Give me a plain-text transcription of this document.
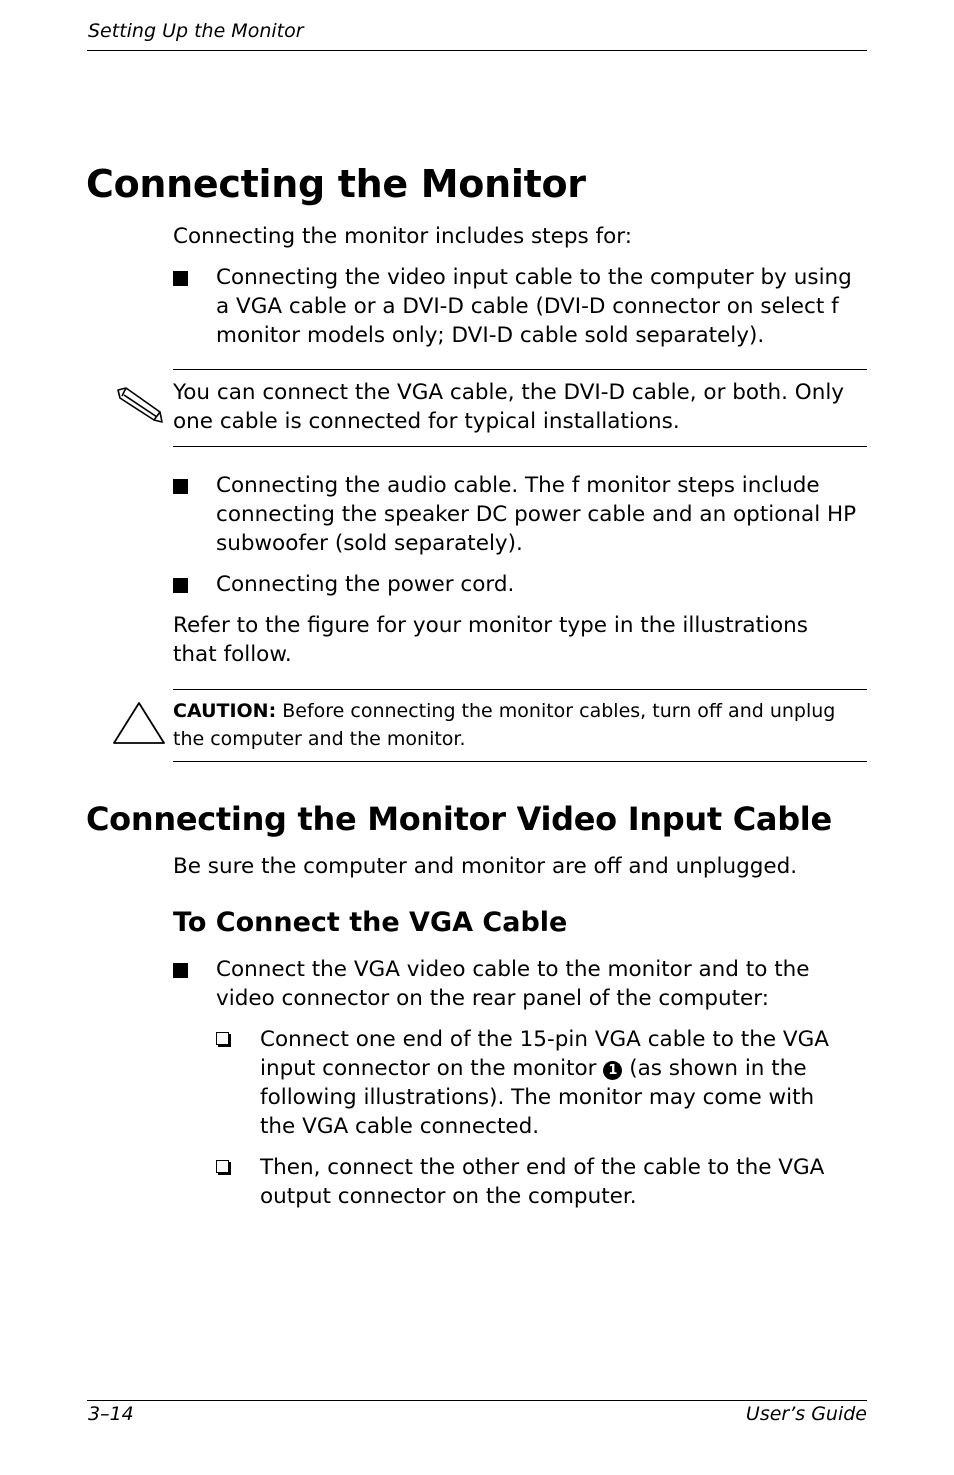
Setting Up the Monitor
Connecting the Monitor
Connecting the monitor includes steps for:
Connecting the video input cable to the computer by using a VGA cable or a DVI-D cable (DVI-D connector on select f monitor models only; DVI-D cable sold separately).
You can connect the VGA cable, the DVI-D cable, or both. Only one cable is connected for typical installations.
Connecting the audio cable. The f monitor steps include connecting the speaker DC power cable and an optional HP subwoofer (sold separately).
Connecting the power cord.
Refer to the figure for your monitor type in the illustrations that follow.
CAUTION: Before connecting the monitor cables, turn off and unplug the computer and the monitor.
Connecting the Monitor Video Input Cable
Be sure the computer and monitor are off and unplugged.
To Connect the VGA Cable
Connect the VGA video cable to the monitor and to the video connector on the rear panel of the computer:
Connect one end of the 15-pin VGA cable to the VGA input connector on the monitor 1 (as shown in the following illustrations). The monitor may come with the VGA cable connected.
Then, connect the other end of the cable to the VGA output connector on the computer.
3–14	User’s Guide
